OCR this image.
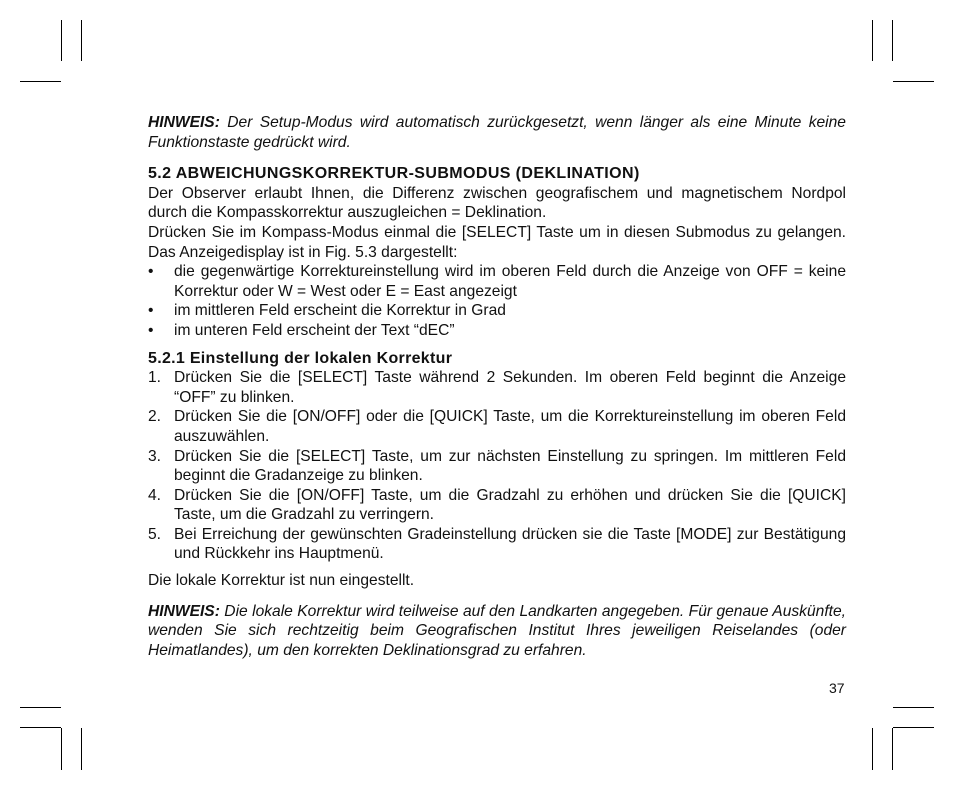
HINWEIS: Der Setup-Modus wird automatisch zurückgesetzt, wenn länger als eine Minute keine Funktionstaste gedrückt wird.

5.2 ABWEICHUNGSKORREKTUR-SUBMODUS (DEKLINATION)

Der Observer erlaubt Ihnen, die Differenz zwischen geografischem und magnetischem Nordpol durch die Kompasskorrektur auszugleichen = Deklination.

Drücken Sie im Kompass-Modus einmal die [SELECT] Taste um in diesen Submodus zu gelangen. Das Anzeigedisplay ist in Fig. 5.3 dargestellt:

• die gegenwärtige Korrektureinstellung wird im oberen Feld durch die Anzeige von OFF = keine Korrektur oder W = West oder E = East angezeigt
• im mittleren Feld erscheint die Korrektur in Grad
• im unteren Feld erscheint der Text “dEC”
5.2.1 Einstellung der lokalen Korrektur
1. Drücken Sie die [SELECT] Taste während 2 Sekunden. Im oberen Feld beginnt die Anzeige “OFF” zu blinken.
2. Drücken Sie die [ON/OFF] oder die [QUICK] Taste, um die Korrektureinstellung im oberen Feld auszuwählen.
3. Drücken Sie die [SELECT] Taste, um zur nächsten Einstellung zu springen. Im mittleren Feld beginnt die Gradanzeige zu blinken.
4. Drücken Sie die [ON/OFF] Taste, um die Gradzahl zu erhöhen und drücken Sie die [QUICK] Taste, um die Gradzahl zu verringern.
5. Bei Erreichung der gewünschten Gradeinstellung drücken sie die Taste [MODE] zur Bestätigung und Rückkehr ins Hauptmenü.

Die lokale Korrektur ist nun eingestellt.

HINWEIS: Die lokale Korrektur wird teilweise auf den Landkarten angegeben. Für genaue Auskünfte, wenden Sie sich rechtzeitig beim Geografischen Institut Ihres jeweiligen Reiselandes (oder Heimatlandes), um den korrekten Deklinationsgrad zu erfahren.

37
